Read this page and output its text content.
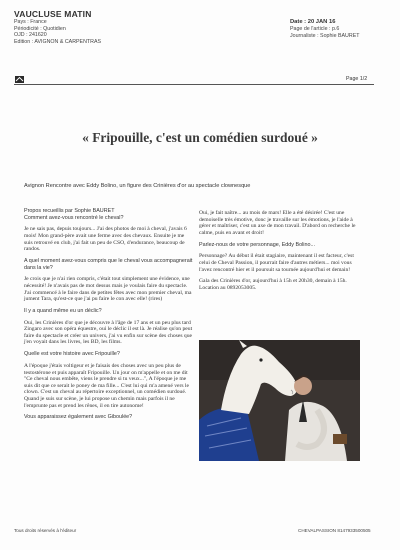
VAUCLUSE MATIN
Pays : France
Périodicité : Quotidien
OJD : 241620
Edition : AVIGNON & CARPENTRAS
Date : 20 JAN 16
Page de l'article : p.6
Journaliste : Sophie BAURET
Page 1/2
« Fripouille, c'est un comédien surdoué »
Avignon Rencontre avec Eddy Bolino, un figure des Crinières d'or au spectacle clownesque

Propos recueillis par Sophie BAURET
Comment avez-vous rencontré le cheval?

Je ne sais pas, depuis toujours... J'ai des photos de moi à cheval, j'avais 6 mois! Mon grand-père avait une ferme avec des chevaux. Ensuite je me suis retrouvé en club, j'ai fait un peu de CSO, d'endurance, beaucoup de randos.

A quel moment avez-vous compris que le cheval vous accompagnerait dans la vie?

Je crois que je n'ai rien compris, c'était tout simplement une évidence, une nécessité! Je n'avais pas de mot dessus mais je voulais faire du spectacle. J'ai commencé à le faire dans de petites fêtes avec mon premier cheval, ma jument Tara, qu'est-ce que j'ai pu faire le con avec elle! (rires)

Il y a quand même eu un déclic?

Oui, les Crinières d'or que je découvre à l'âge de 17 ans et un peu plus tard Zingaro avec son opéra équestre, oui le déclic il est là. Je réalise qu'on peut faire du spectacle et créer un univers, j'ai vu enfin sur scène des choses que j'en voyait dans les livres, les BD, les films.

Quelle est votre histoire avec Fripouille?

A l'époque j'étais voltigeur et je faisais des choses avec un peu plus de testostérone et puis apparaît Fripouille. Un jour on m'appelle et on me dit "Ce cheval nous embête, viens le prendre si tu veux...", A l'époque je me suis dit que ce serait le poney de ma fille... C'est lui qui m'a amené vers le clown. C'est un cheval au répertoire exceptionnel, un comédien surdoué. Quand je suis sur scène, je lui propose un chemin mais parfois il ne l'emprunte pas et prend les rênes, il en tire autonome!

Vous apparaissez également avec Giboulée?

Oui, je fait naître... au mois de mars! Elle a été désirée! C'est une demoiselle très émotive, donc je travaille sur les émotions, je l'aide à gérer et maîtriser, c'est un axe de mon travail. D'abord on recherche le calme, puis en avant et droit!

Parlez-nous de votre personnage, Eddy Bolino...

Personnage? Au début il était stagiaire, maintenant il est facteur, c'est celui de Cheval Passion, il pourrait faire d'autres métiers... moi vous l'avez rencontré hier et il poursuit sa tournée aujourd'hui et demain!

Gala des Crinières d'or, aujourd'hui à 15h et 20h30, demain à 15h. Location au 0892053005.

Tous droits réservés à l'éditeur	CHEVALPASSION 8147933500505
